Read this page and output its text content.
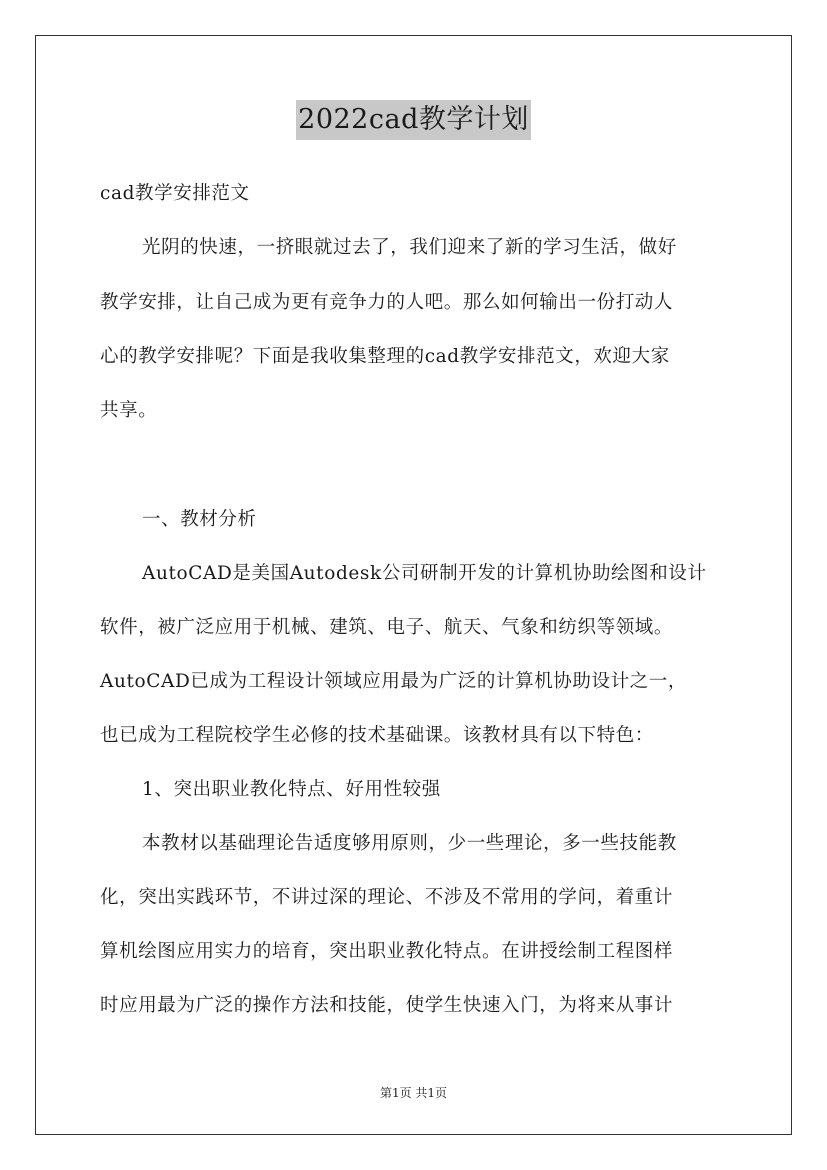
2022cad教学计划
cad教学安排范文
光阴的快速，一挤眼就过去了，我们迎来了新的学习生活，做好
教学安排，让自己成为更有竞争力的人吧。那么如何输出一份打动人
心的教学安排呢？下面是我收集整理的cad教学安排范文，欢迎大家
共享。
一、教材分析
AutoCAD是美国Autodesk公司研制开发的计算机协助绘图和设计
软件，被广泛应用于机械、建筑、电子、航天、气象和纺织等领域。
AutoCAD已成为工程设计领域应用最为广泛的计算机协助设计之一，
也已成为工程院校学生必修的技术基础课。该教材具有以下特色：
1、突出职业教化特点、好用性较强
本教材以基础理论告适度够用原则，少一些理论，多一些技能教
化，突出实践环节，不讲过深的理论、不涉及不常用的学问，着重计
算机绘图应用实力的培育，突出职业教化特点。在讲授绘制工程图样
时应用最为广泛的操作方法和技能，使学生快速入门，为将来从事计
第1页 共1页
